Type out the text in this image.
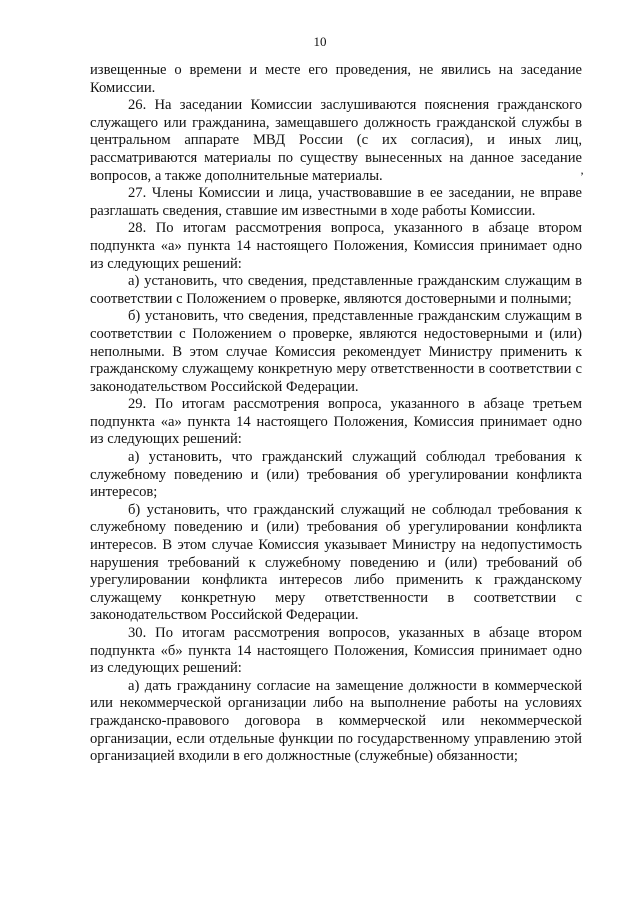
10
’

извещенные о времени и месте его проведения, не явились на заседание Комиссии.

26. На заседании Комиссии заслушиваются пояснения гражданского служащего или гражданина, замещавшего должность гражданской службы в центральном аппарате МВД России (с их согласия), и иных лиц, рассматриваются материалы по существу вынесенных на данное заседание вопросов, а также дополнительные материалы.

27. Члены Комиссии и лица, участвовавшие в ее заседании, не вправе разглашать сведения, ставшие им известными в ходе работы Комиссии.

28. По итогам рассмотрения вопроса, указанного в абзаце втором подпункта «а» пункта 14 настоящего Положения, Комиссия принимает одно из следующих решений:

а) установить, что сведения, представленные гражданским служащим в соответствии с Положением о проверке, являются достоверными и полными;

б) установить, что сведения, представленные гражданским служащим в соответствии с Положением о проверке, являются недостоверными и (или) неполными. В этом случае Комиссия рекомендует Министру применить к гражданскому служащему конкретную меру ответственности в соответствии с законодательством Российской Федерации.

29. По итогам рассмотрения вопроса, указанного в абзаце третьем подпункта «а» пункта 14 настоящего Положения, Комиссия принимает одно из следующих решений:

а) установить, что гражданский служащий соблюдал требования к служебному поведению и (или) требования об урегулировании конфликта интересов;

б) установить, что гражданский служащий не соблюдал требования к служебному поведению и (или) требования об урегулировании конфликта интересов. В этом случае Комиссия указывает Министру на недопустимость нарушения требований к служебному поведению и (или) требований об урегулировании конфликта интересов либо применить к гражданскому служащему конкретную меру ответственности в соответствии с законодательством Российской Федерации.

30. По итогам рассмотрения вопросов, указанных в абзаце втором подпункта «б» пункта 14 настоящего Положения, Комиссия принимает одно из следующих решений:

а) дать гражданину согласие на замещение должности в коммерческой или некоммерческой организации либо на выполнение работы на условиях гражданско-правового договора в коммерческой или некоммерческой организации, если отдельные функции по государственному управлению этой организацией входили в его должностные (служебные) обязанности;
